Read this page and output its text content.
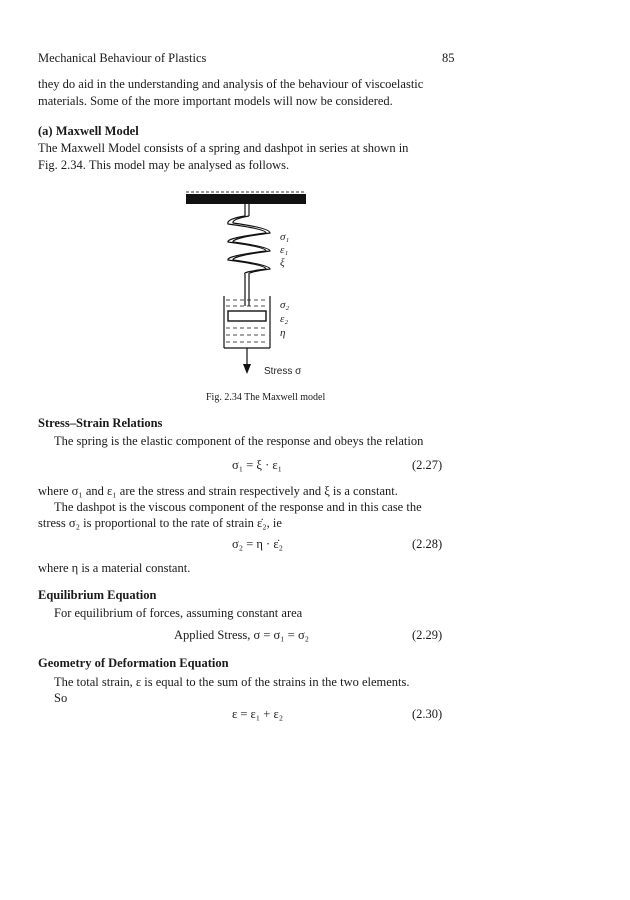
Mechanical Behaviour of Plastics	85
they do aid in the understanding and analysis of the behaviour of viscoelastic
materials. Some of the more important models will now be considered.
(a) Maxwell Model
The Maxwell Model consists of a spring and dashpot in series at shown in
Fig. 2.34. This model may be analysed as follows.
σ₁
ε₁
ξ
σ₂
ε₂
η
Stress σ
Fig. 2.34 The Maxwell model
Stress–Strain Relations
The spring is the elastic component of the response and obeys the relation
σ₁ = ξ · ε₁	(2.27)
where σ₁ and ε₁ are the stress and strain respectively and ξ is a constant.
The dashpot is the viscous component of the response and in this case the
stress σ₂ is proportional to the rate of strain ε̇₂, ie
σ₂ = η · ε̇₂	(2.28)
where η is a material constant.
Equilibrium Equation
For equilibrium of forces, assuming constant area
Applied Stress, σ = σ₁ = σ₂	(2.29)
Geometry of Deformation Equation
The total strain, ε is equal to the sum of the strains in the two elements.
So
ε = ε₁ + ε₂	(2.30)
